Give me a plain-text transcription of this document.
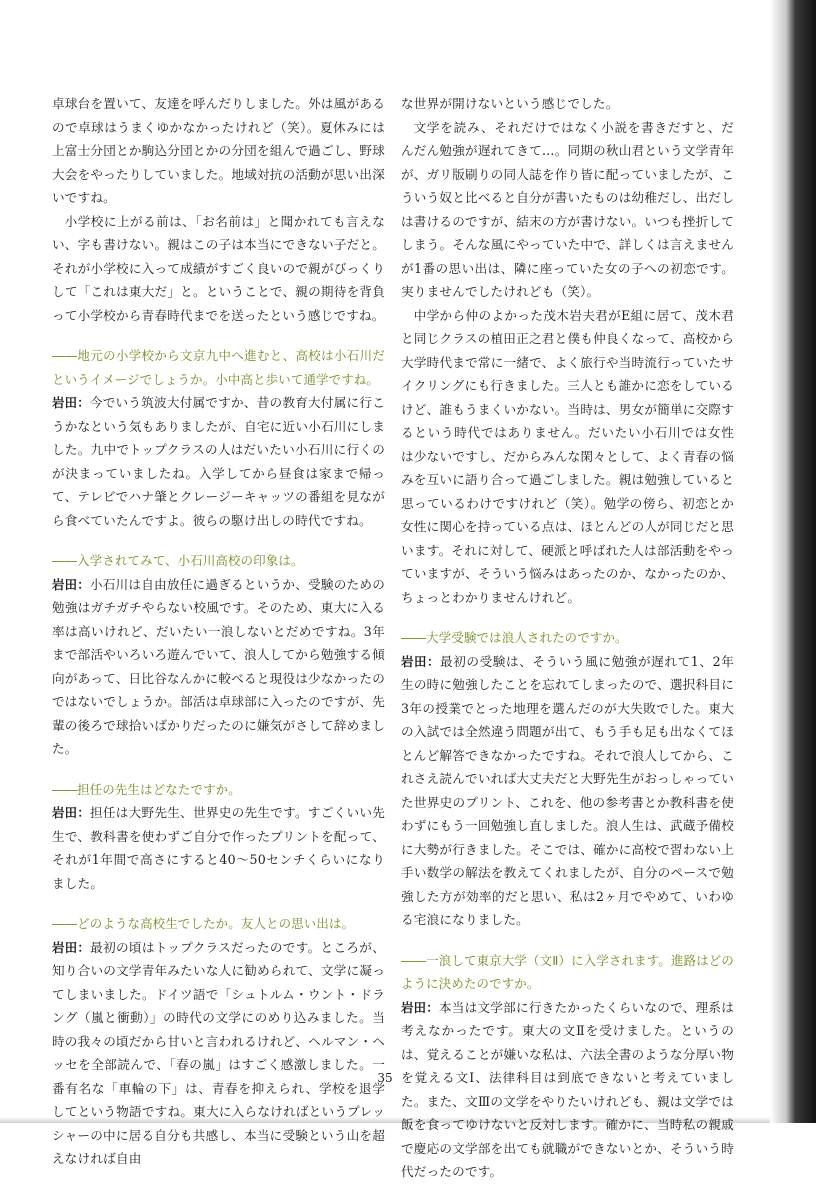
卓球台を置いて、友達を呼んだりしました。外は風があるので卓球はうまくゆかなかったけれど（笑）。夏休みには上富士分団とか駒込分団とかの分団を組んで過ごし、野球大会をやったりしていました。地域対抗の活動が思い出深いですね。

小学校に上がる前は、「お名前は」と聞かれても言えない、字も書けない。親はこの子は本当にできない子だと。それが小学校に入って成績がすごく良いので親がびっくりして「これは東大だ」と。ということで、親の期待を背負って小学校から青春時代までを送ったという感じですね。

――地元の小学校から文京九中へ進むと、高校は小石川だというイメージでしょうか。小中高と歩いて通学ですね。

岩田：今でいう筑波大付属ですか、昔の教育大付属に行こうかなという気もありましたが、自宅に近い小石川にしました。九中でトップクラスの人はだいたい小石川に行くのが決まっていましたね。入学してから昼食は家まで帰って、テレビでハナ肇とクレージーキャッツの番組を見ながら食べていたんですよ。彼らの駆け出しの時代ですね。

――入学されてみて、小石川高校の印象は。

岩田：小石川は自由放任に過ぎるというか、受験のための勉強はガチガチやらない校風です。そのため、東大に入る率は高いけれど、だいたい一浪しないとだめですね。3年まで部活やいろいろ遊んでいて、浪人してから勉強する傾向があって、日比谷なんかに較べると現役は少なかったのではないでしょうか。部活は卓球部に入ったのですが、先輩の後ろで球拾いばかりだったのに嫌気がさして辞めました。

――担任の先生はどなたですか。

岩田：担任は大野先生、世界史の先生です。すごくいい先生で、教科書を使わずご自分で作ったプリントを配って、それが1年間で高さにすると40～50センチくらいになりました。

――どのような高校生でしたか。友人との思い出は。

岩田：最初の頃はトップクラスだったのです。ところが、知り合いの文学青年みたいな人に勧められて、文学に凝ってしまいました。ドイツ語で「シュトルム・ウント・ドラング（嵐と衝動）」の時代の文学にのめり込みました。当時の我々の頃だから甘いと言われるけれど、ヘルマン・ヘッセを全部読んで、「春の嵐」はすごく感激しました。一番有名な「車輪の下」は、青春を抑えられ、学校を退学してという物語ですね。東大に入らなければというプレッシャーの中に居る自分も共感し、本当に受験という山を超えなければ自由

な世界が開けないという感じでした。

文学を読み、それだけではなく小説を書きだすと、だんだん勉強が遅れてきて…。同期の秋山君という文学青年が、ガリ版刷りの同人誌を作り皆に配っていましたが、こういう奴と比べると自分が書いたものは幼稚だし、出だしは書けるのですが、結末の方が書けない。いつも挫折してしまう。そんな風にやっていた中で、詳しくは言えませんが1番の思い出は、隣に座っていた女の子への初恋です。実りませんでしたけれども（笑）。

中学から仲のよかった茂木岩夫君がE組に居て、茂木君と同じクラスの植田正之君と僕も仲良くなって、高校から大学時代まで常に一緒で、よく旅行や当時流行っていたサイクリングにも行きました。三人とも誰かに恋をしているけど、誰もうまくいかない。当時は、男女が簡単に交際するという時代ではありません。だいたい小石川では女性は少ないですし、だからみんな閑々として、よく青春の悩みを互いに語り合って過ごしました。親は勉強していると思っているわけですけれど（笑）。勉学の傍ら、初恋とか女性に関心を持っている点は、ほとんどの人が同じだと思います。それに対して、硬派と呼ばれた人は部活動をやっていますが、そういう悩みはあったのか、なかったのか、ちょっとわかりませんけれど。

――大学受験では浪人されたのですか。

岩田：最初の受験は、そういう風に勉強が遅れて1、2年生の時に勉強したことを忘れてしまったので、選択科目に3年の授業でとった地理を選んだのが大失敗でした。東大の入試では全然違う問題が出て、もう手も足も出なくてほとんど解答できなかったですね。それで浪人してから、これさえ読んでいれば大丈夫だと大野先生がおっしゃっていた世界史のプリント、これを、他の参考書とか教科書を使わずにもう一回勉強し直しました。浪人生は、武蔵予備校に大勢が行きました。そこでは、確かに高校で習わない上手い数学の解法を教えてくれましたが、自分のペースで勉強した方が効率的だと思い、私は2ヶ月でやめて、いわゆる宅浪になりました。

――一浪して東京大学（文Ⅱ）に入学されます。進路はどのように決めたのですか。

岩田：本当は文学部に行きたかったくらいなので、理系は考えなかったです。東大の文Ⅱを受けました。というのは、覚えることが嫌いな私は、六法全書のような分厚い物を覚える文Ⅰ、法律科目は到底できないと考えていました。また、文Ⅲの文学をやりたいけれども、親は文学では飯を食ってゆけないと反対します。確かに、当時私の親戚で慶応の文学部を出ても就職ができないとか、そういう時代だったのです。

35
